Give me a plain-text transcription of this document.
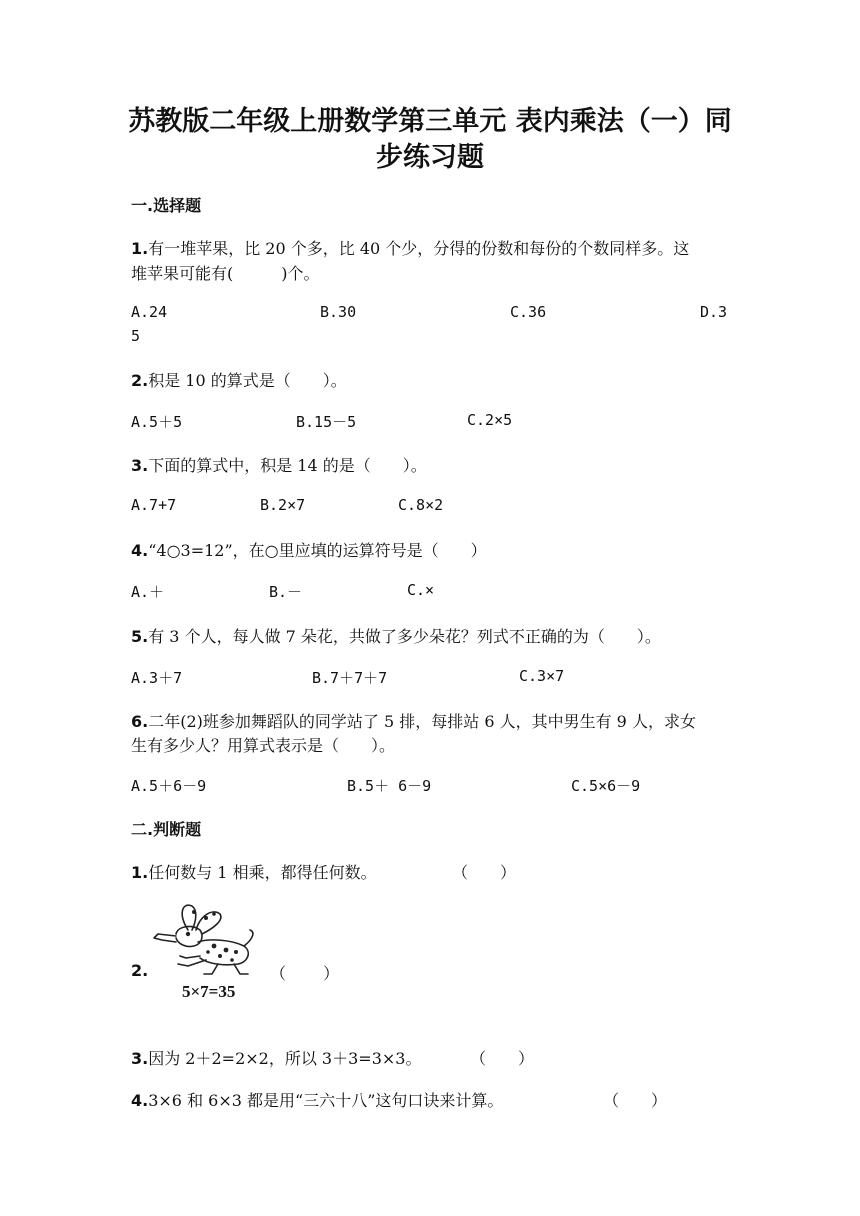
苏教版二年级上册数学第三单元 表内乘法（一）同
步练习题
一.选择题
1.有一堆苹果，比 20 个多，比 40 个少，分得的份数和每份的个数同样多。这
堆苹果可能有(　　　)个。
A.24	B.30	C.36	D.3
5
2.积是 10 的算式是（　　）。
A.5＋5	B.15－5	C.2×5
3.下面的算式中，积是 14 的是（　　）。
A.7+7	B.2×7	C.8×2
4.“4○3=12”，在○里应填的运算符号是（　　）
A.＋	B.－	C.×
5.有 3 个人，每人做 7 朵花，共做了多少朵花？列式不正确的为（　　）。
A.3＋7	B.7＋7＋7	C.3×7
6.二年(2)班参加舞蹈队的同学站了 5 排，每排站 6 人，其中男生有 9 人，求女
生有多少人？用算式表示是（　　）。
A.5＋6－9	B.5＋ 6－9	C.5×6－9
二.判断题
1.任何数与 1 相乘，都得任何数。	（　　）
2.
5×7=35
（　　 ）
3.因为 2＋2=2×2，所以 3＋3=3×3。	（　　）
4.3×6 和 6×3 都是用“三六十八”这句口诀来计算。	（　　）
